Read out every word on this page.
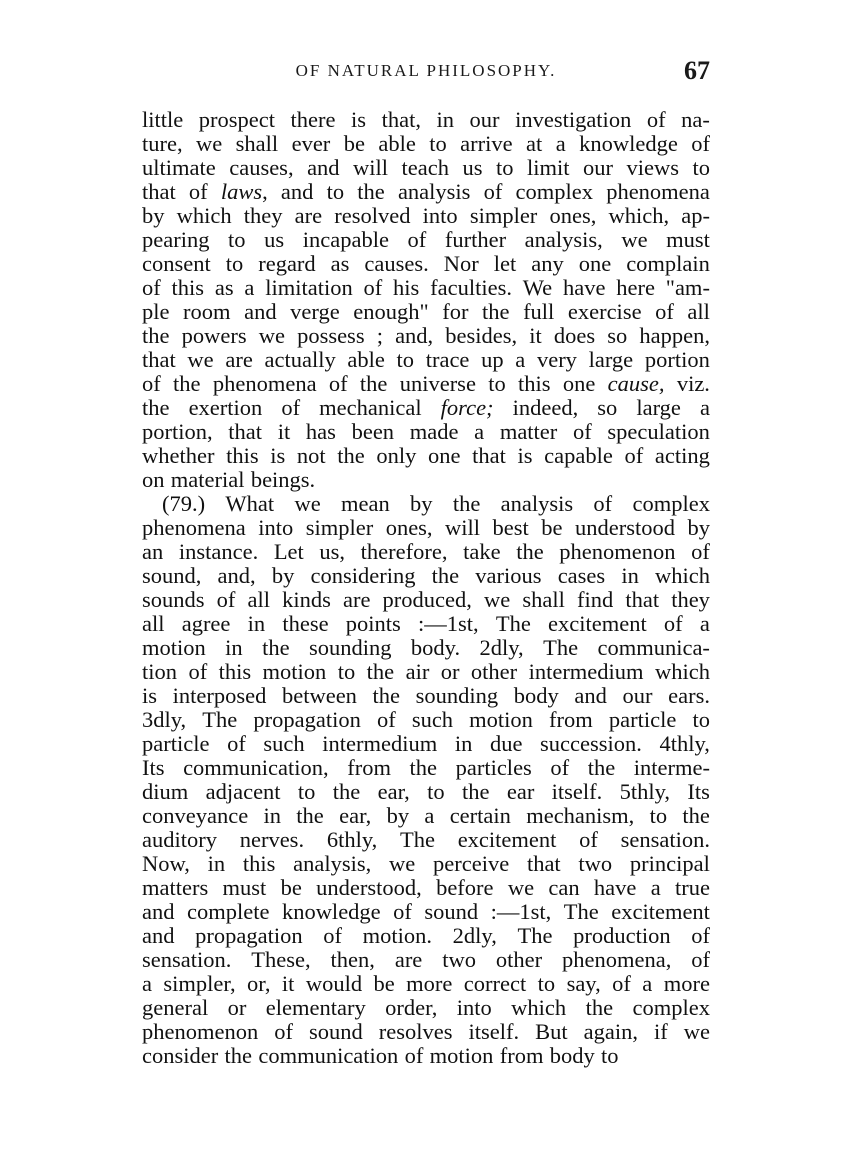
OF NATURAL PHILOSOPHY.	67
little prospect there is that, in our investigation of na-
ture, we shall ever be able to arrive at a knowledge of
ultimate causes, and will teach us to limit our views to
that of laws, and to the analysis of complex phenomena
by which they are resolved into simpler ones, which, ap-
pearing to us incapable of further analysis, we must
consent to regard as causes. Nor let any one complain
of this as a limitation of his faculties. We have here "am-
ple room and verge enough" for the full exercise of all
the powers we possess ; and, besides, it does so happen,
that we are actually able to trace up a very large portion
of the phenomena of the universe to this one cause, viz.
the exertion of mechanical force; indeed, so large a
portion, that it has been made a matter of speculation
whether this is not the only one that is capable of acting
on material beings.
(79.) What we mean by the analysis of complex
phenomena into simpler ones, will best be understood by
an instance. Let us, therefore, take the phenomenon of
sound, and, by considering the various cases in which
sounds of all kinds are produced, we shall find that they
all agree in these points :—1st, The excitement of a
motion in the sounding body. 2dly, The communica-
tion of this motion to the air or other intermedium which
is interposed between the sounding body and our ears.
3dly, The propagation of such motion from particle to
particle of such intermedium in due succession. 4thly,
Its communication, from the particles of the interme-
dium adjacent to the ear, to the ear itself. 5thly, Its
conveyance in the ear, by a certain mechanism, to the
auditory nerves. 6thly, The excitement of sensation.
Now, in this analysis, we perceive that two principal
matters must be understood, before we can have a true
and complete knowledge of sound :—1st, The excitement
and propagation of motion. 2dly, The production of
sensation. These, then, are two other phenomena, of
a simpler, or, it would be more correct to say, of a more
general or elementary order, into which the complex
phenomenon of sound resolves itself. But again, if we
consider the communication of motion from body to
